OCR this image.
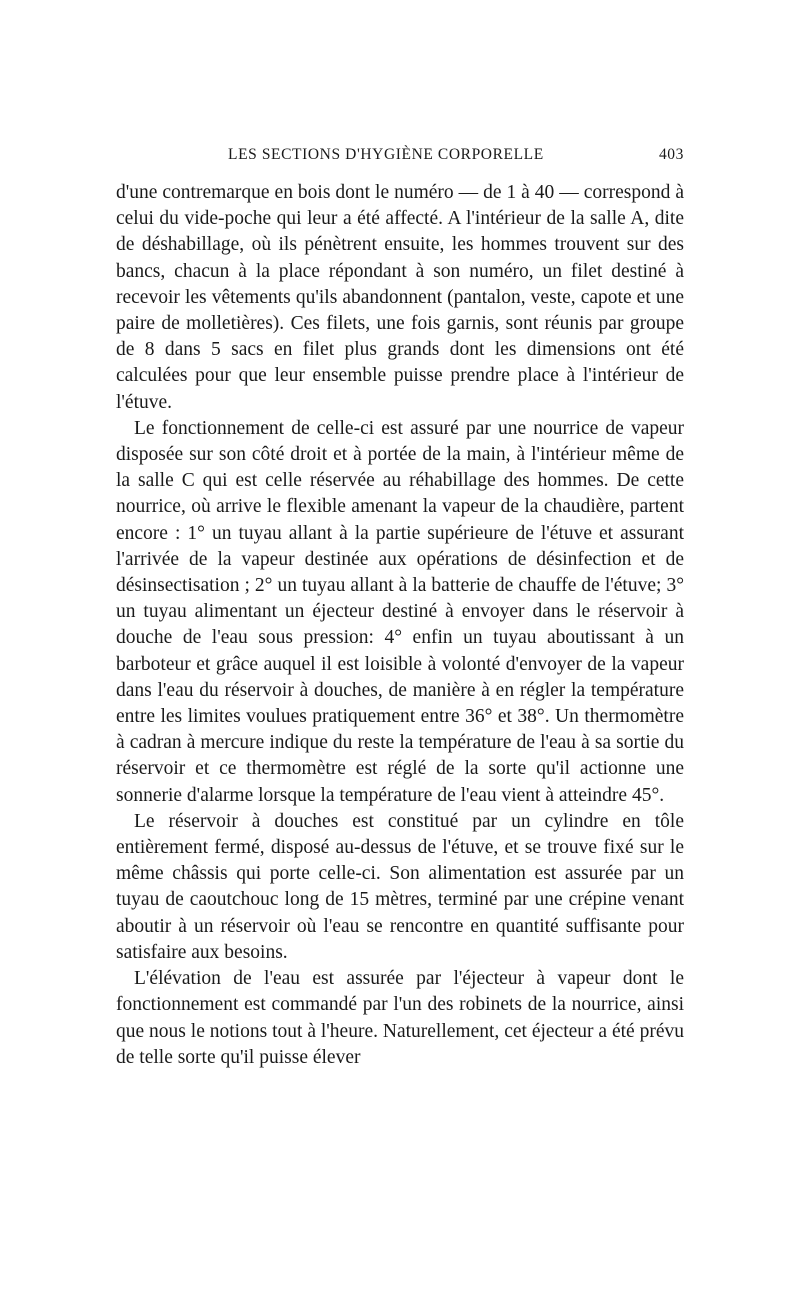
LES SECTIONS D'HYGIÈNE CORPORELLE	403

d'une contremarque en bois dont le numéro — de 1 à 40 — correspond à celui du vide-poche qui leur a été affecté. A l'intérieur de la salle A, dite de déshabillage, où ils pénètrent ensuite, les hommes trouvent sur des bancs, chacun à la place répondant à son numéro, un filet destiné à recevoir les vêtements qu'ils abandonnent (pantalon, veste, capote et une paire de molletières). Ces filets, une fois garnis, sont réunis par groupe de 8 dans 5 sacs en filet plus grands dont les dimensions ont été calculées pour que leur ensemble puisse prendre place à l'intérieur de l'étuve.

Le fonctionnement de celle-ci est assuré par une nourrice de vapeur disposée sur son côté droit et à portée de la main, à l'intérieur même de la salle C qui est celle réservée au réhabillage des hommes. De cette nourrice, où arrive le flexible amenant la vapeur de la chaudière, partent encore : 1° un tuyau allant à la partie supérieure de l'étuve et assurant l'arrivée de la vapeur destinée aux opérations de désinfection et de désinsectisation ; 2° un tuyau allant à la batterie de chauffe de l'étuve; 3° un tuyau alimentant un éjecteur destiné à envoyer dans le réservoir à douche de l'eau sous pression: 4° enfin un tuyau aboutissant à un barboteur et grâce auquel il est loisible à volonté d'envoyer de la vapeur dans l'eau du réservoir à douches, de manière à en régler la température entre les limites voulues pratiquement entre 36° et 38°. Un thermomètre à cadran à mercure indique du reste la température de l'eau à sa sortie du réservoir et ce thermomètre est réglé de la sorte qu'il actionne une sonnerie d'alarme lorsque la température de l'eau vient à atteindre 45°.

Le réservoir à douches est constitué par un cylindre en tôle entièrement fermé, disposé au-dessus de l'étuve, et se trouve fixé sur le même châssis qui porte celle-ci. Son alimentation est assurée par un tuyau de caoutchouc long de 15 mètres, terminé par une crépine venant aboutir à un réservoir où l'eau se rencontre en quantité suffisante pour satisfaire aux besoins.

L'élévation de l'eau est assurée par l'éjecteur à vapeur dont le fonctionnement est commandé par l'un des robinets de la nourrice, ainsi que nous le notions tout à l'heure. Naturellement, cet éjecteur a été prévu de telle sorte qu'il puisse élever
